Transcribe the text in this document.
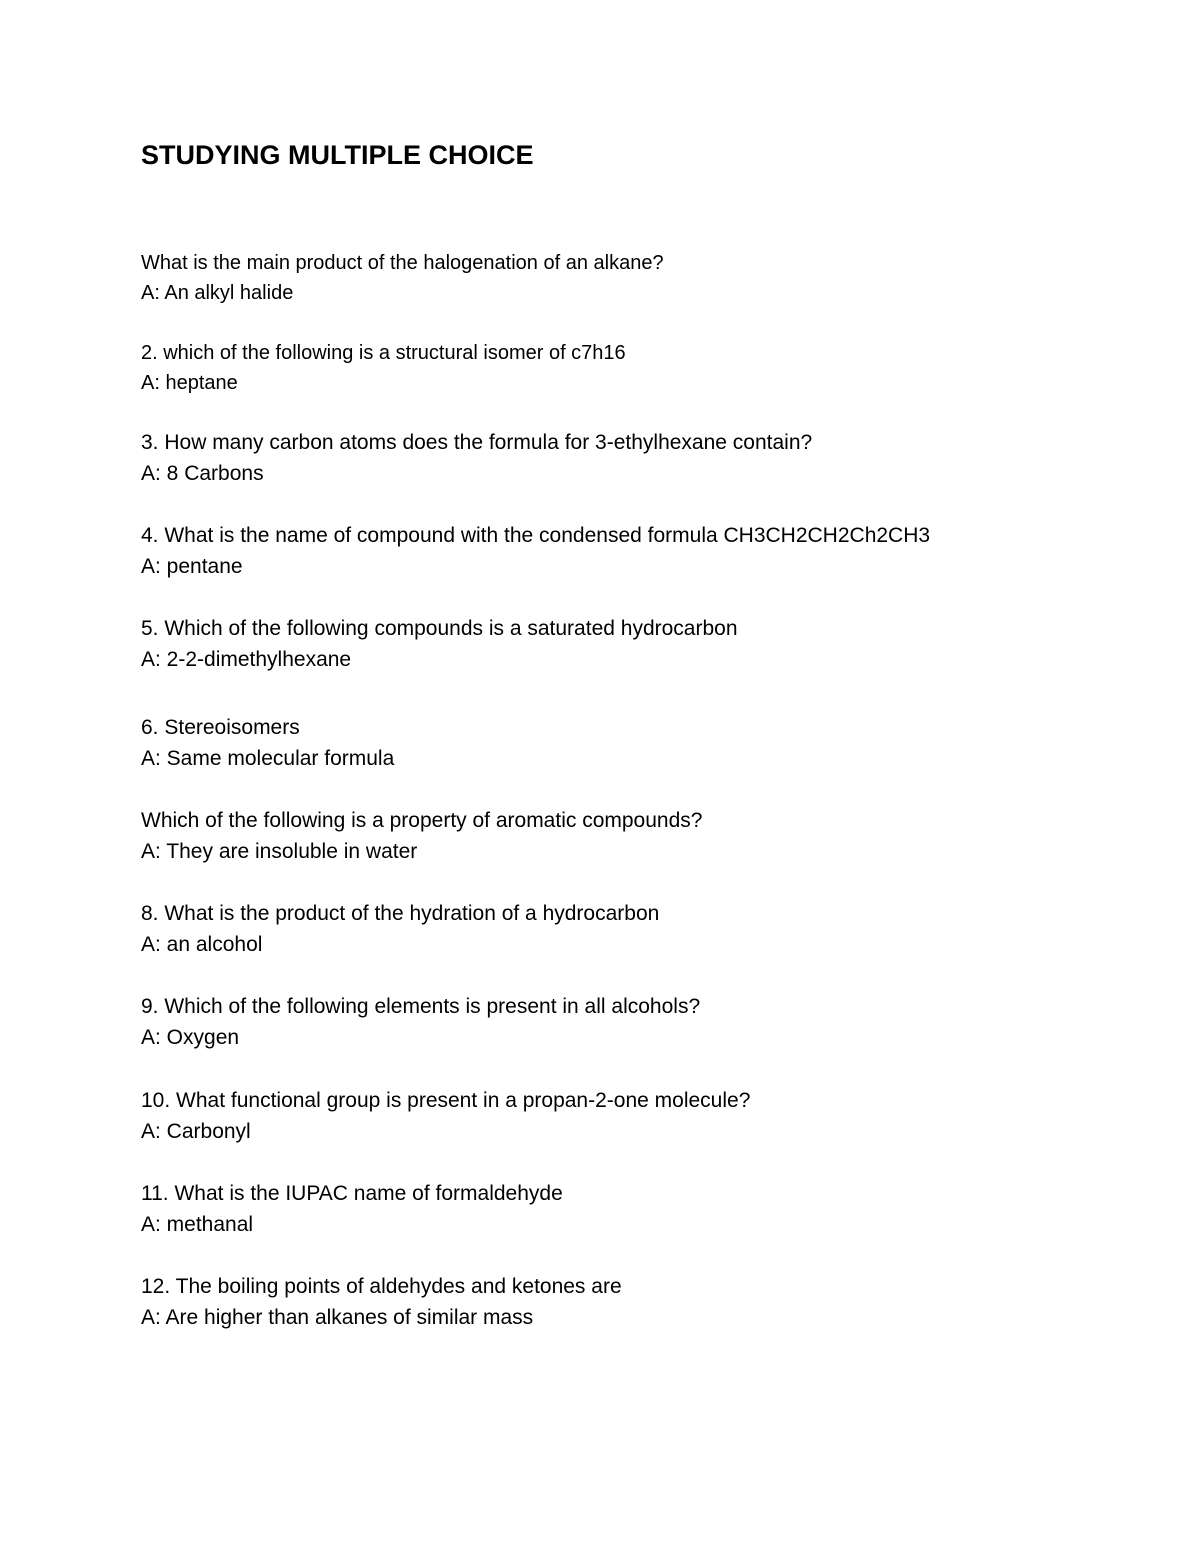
STUDYING MULTIPLE CHOICE
What is the main product of the halogenation of an alkane?
A: An alkyl halide
2. which of the following is a structural isomer of c7h16
A: heptane
3. How many carbon atoms does the formula for 3-ethylhexane contain?
A: 8 Carbons
4. What is the name of compound with the condensed formula CH3CH2CH2Ch2CH3
A: pentane
5. Which of the following compounds is a saturated hydrocarbon
A: 2-2-dimethylhexane
6. Stereoisomers
A: Same molecular formula
Which of the following is a property of aromatic compounds?
A: They are insoluble in water
8. What is the product of the hydration of a hydrocarbon
A: an alcohol
9. Which of the following elements is present in all alcohols?
A: Oxygen
10. What functional group is present in a propan-2-one molecule?
A: Carbonyl
11. What is the IUPAC name of formaldehyde
A: methanal
12. The boiling points of aldehydes and ketones are
A: Are higher than alkanes of similar mass
